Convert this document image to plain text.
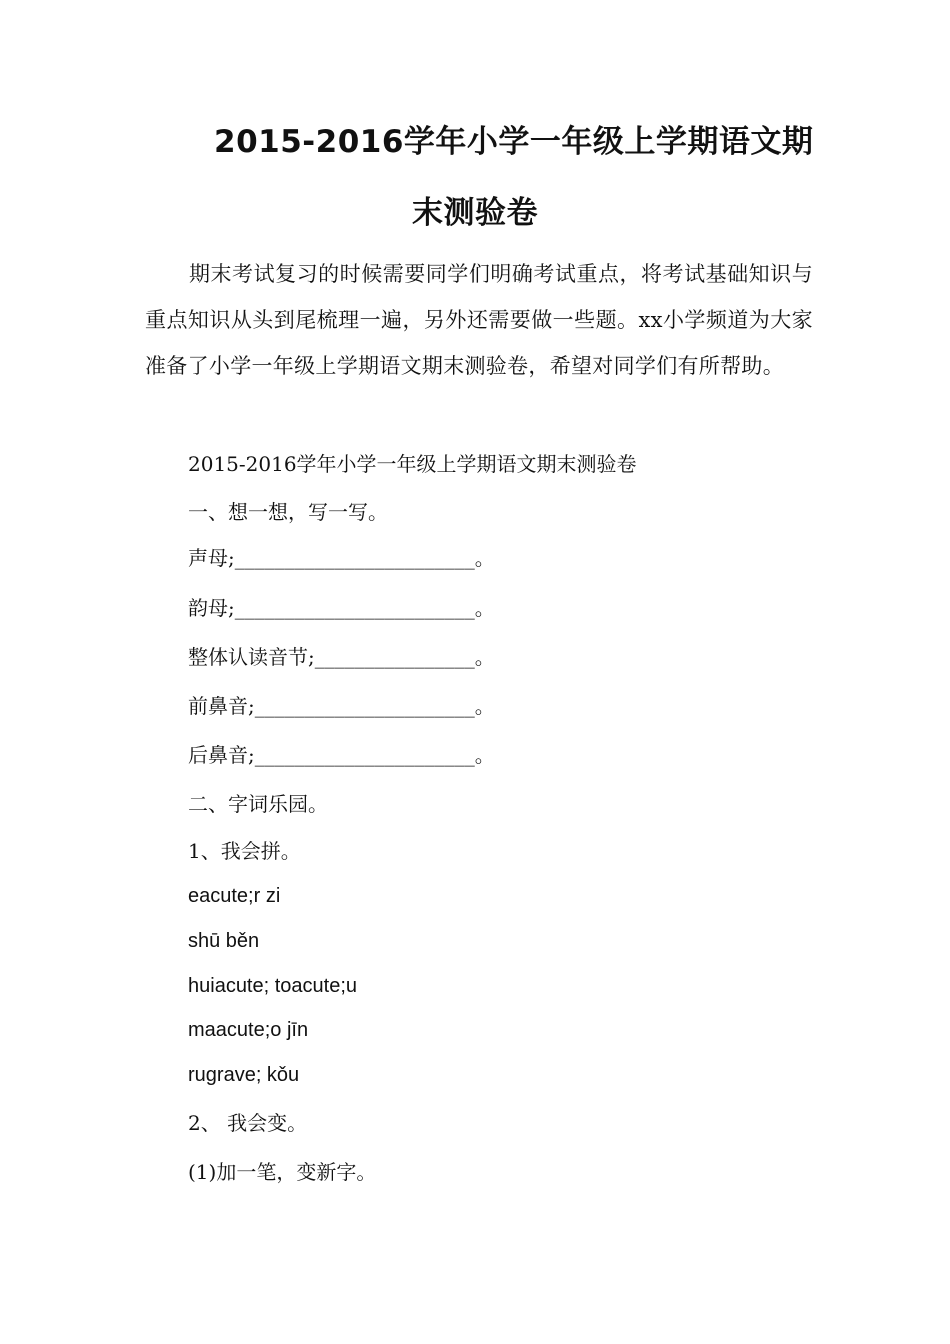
2015-2016学年小学一年级上学期语文期
末测验卷
期末考试复习的时候需要同学们明确考试重点，将考试基础知识与重点知识从头到尾梳理一遍，另外还需要做一些题。xx小学频道为大家准备了小学一年级上学期语文期末测验卷，希望对同学们有所帮助。
2015-2016学年小学一年级上学期语文期末测验卷
一、想一想，写一写。
声母;________________________。
韵母;________________________。
整体认读音节;________________。
前鼻音;______________________。
后鼻音;______________________。
二、字词乐园。
1、我会拼。
eacute;r zi
shū běn
huiacute; toacute;u
maacute;o jīn
rugrave; kǒu
2、 我会变。
(1)加一笔，变新字。
